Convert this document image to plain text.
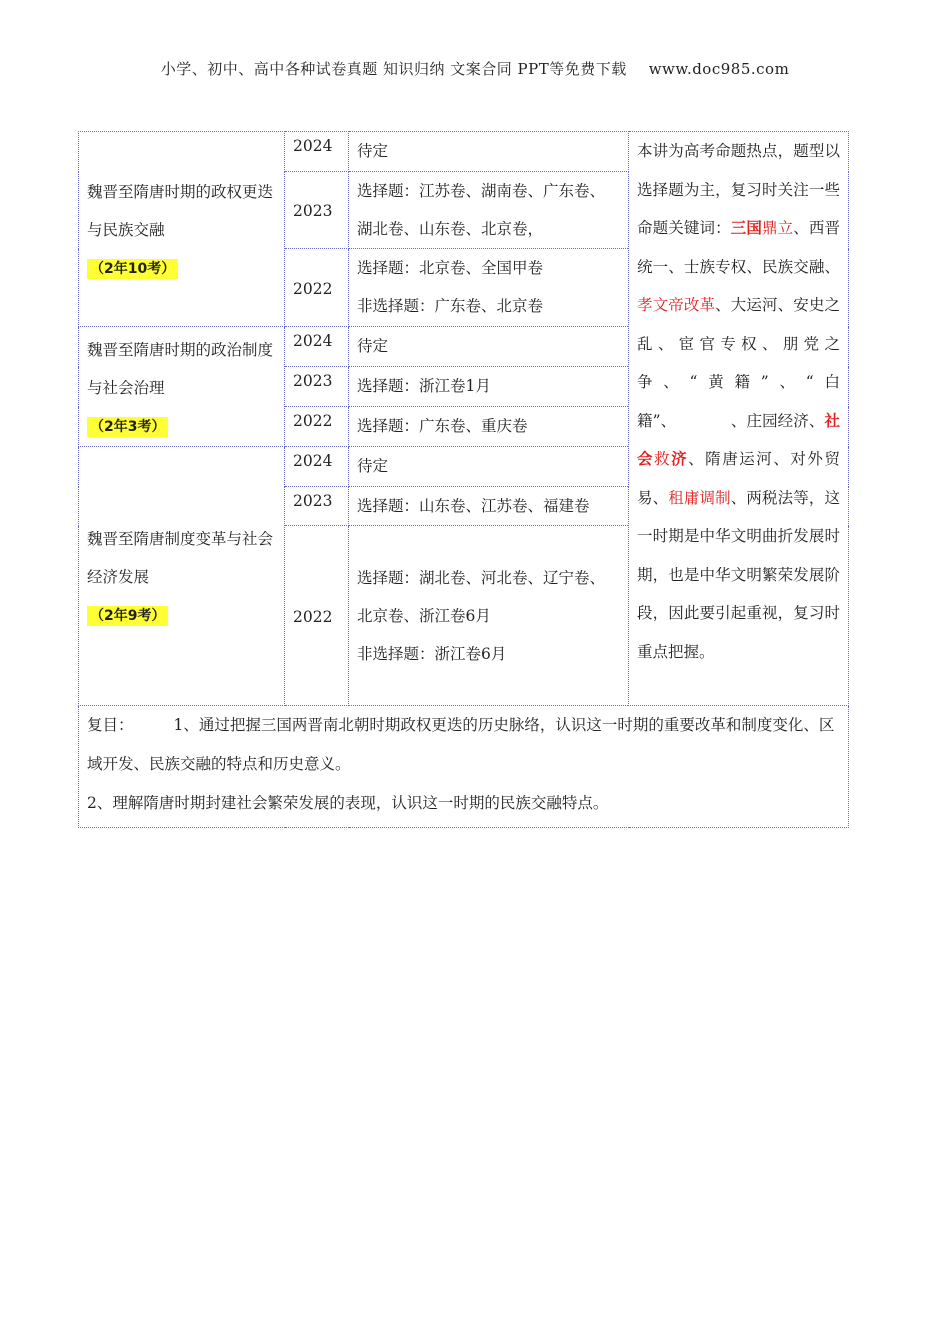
小学、初中、高中各种试卷真题 知识归纳 文案合同 PPT等免费下载 www.doc985.com
魏晋至隋唐时期的政权更迭与民族交融
（2年10考）	2024	待定	本讲为高考命题热点，题型以选择题为主，复习时关注一些命题关键词：三国鼎立、西晋统一、士族专权、民族交融、孝文帝改革、大运河、安史之乱、宦官专权、朋党之争、“黄籍”、“白籍”、　　　　、庄园经济、社会救济、隋唐运河、对外贸易、租庸调制、两税法等，这一时期是中华文明曲折发展时期，也是中华文明繁荣发展阶段，因此要引起重视，复习时重点把握。
	2023	选择题：江苏卷、湖南卷、广东卷、湖北卷、山东卷、北京卷，	
	2022	选择题：北京卷、全国甲卷
非选择题：广东卷、北京卷	

魏晋至隋唐时期的政治制度与社会治理
（2年3考）	2024	待定	
	2023	选择题：浙江卷1月	
	2022	选择题：广东卷、重庆卷	

魏晋至隋唐制度变革与社会经济发展
（2年9考）	2024	待定	
	2023	选择题：山东卷、江苏卷、福建卷	
	2022	选择题：湖北卷、河北卷、辽宁卷、北京卷、浙江卷6月
非选择题：浙江卷6月	

复目： 1、通过把握三国两晋南北朝时期政权更迭的历史脉络，认识这一时期的重要改革和制度变化、区域开发、民族交融的特点和历史意义。
2、理解隋唐时期封建社会繁荣发展的表现，认识这一时期的民族交融特点。			
